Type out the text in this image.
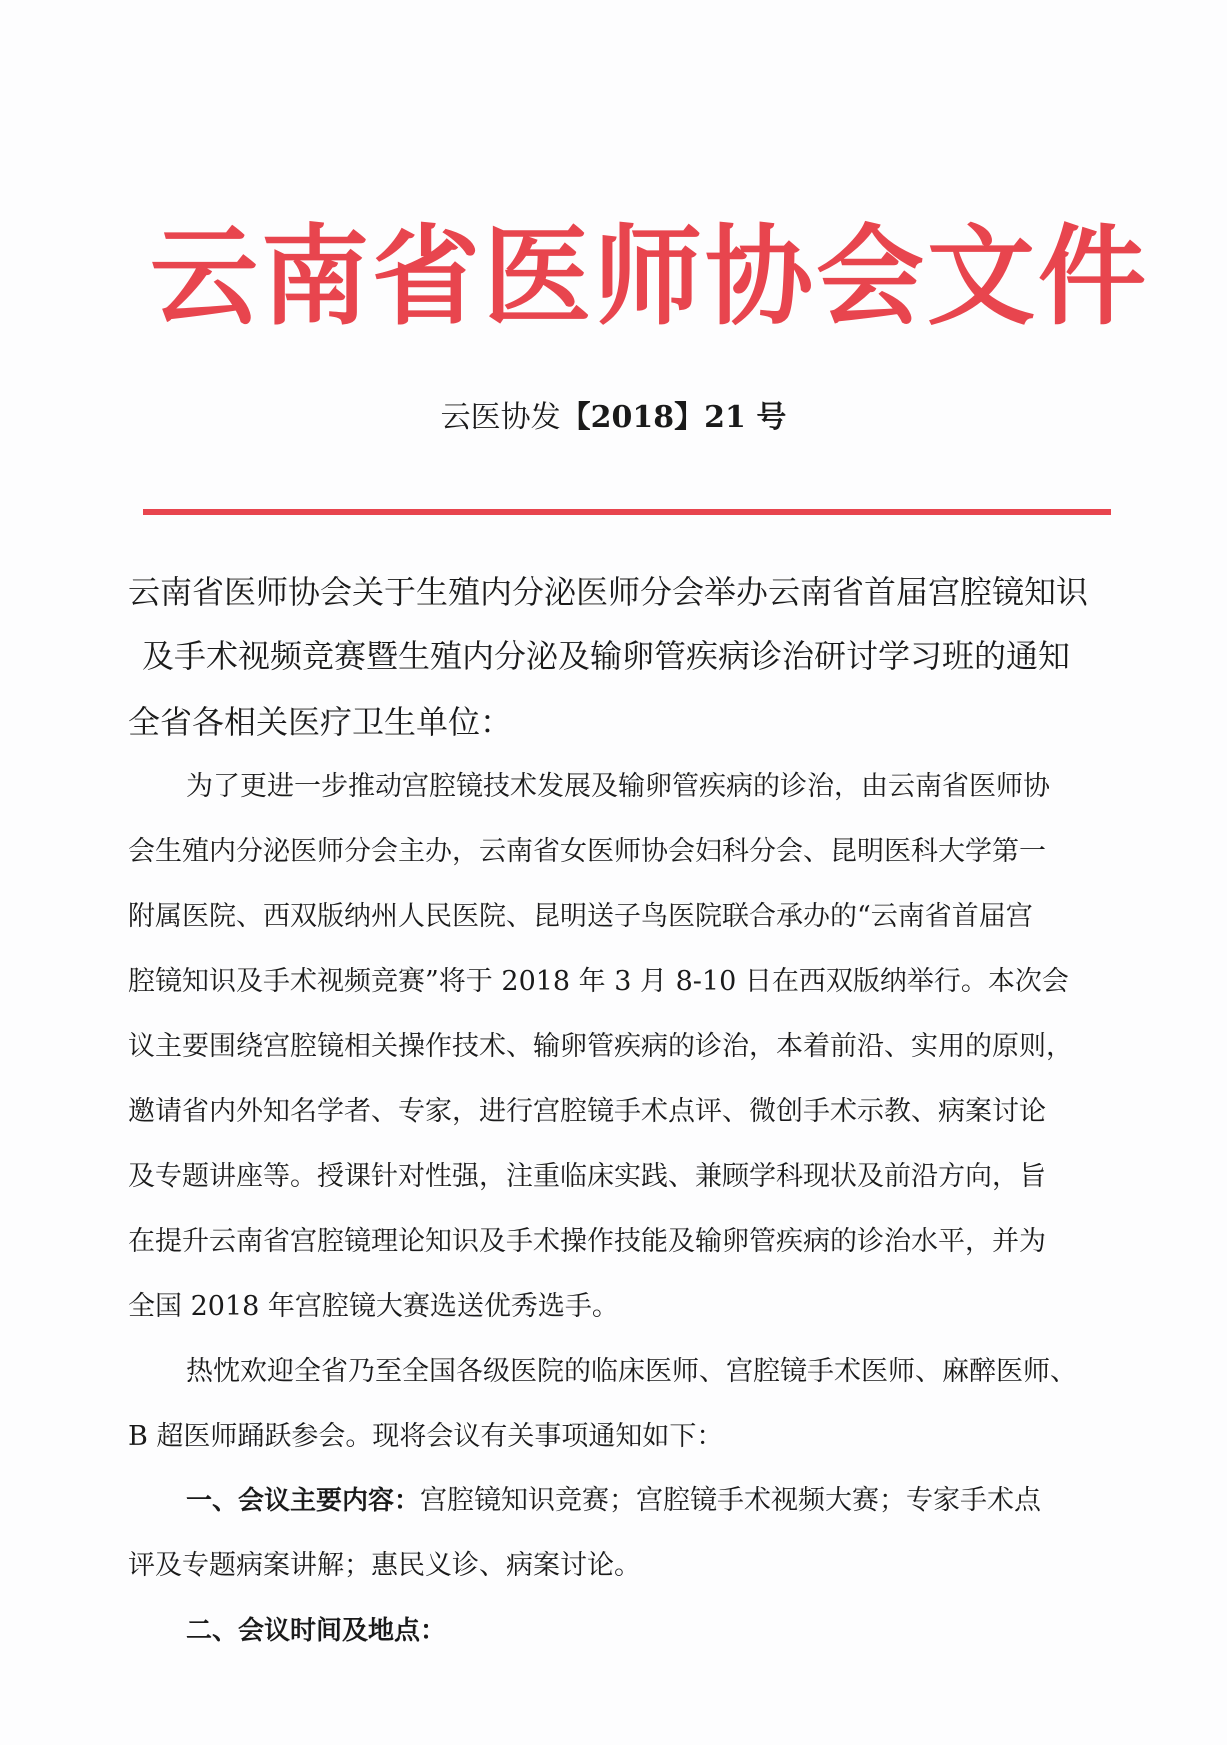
云南省医师协会文件
云医协发【2018】21 号
云南省医师协会关于生殖内分泌医师分会举办云南省首届宫腔镜知识
及手术视频竞赛暨生殖内分泌及输卵管疾病诊治研讨学习班的通知
全省各相关医疗卫生单位：
为了更进一步推动宫腔镜技术发展及输卵管疾病的诊治，由云南省医师协
会生殖内分泌医师分会主办，云南省女医师协会妇科分会、昆明医科大学第一
附属医院、西双版纳州人民医院、昆明送子鸟医院联合承办的“云南省首届宫
腔镜知识及手术视频竞赛”将于 2018 年 3 月 8-10 日在西双版纳举行。本次会
议主要围绕宫腔镜相关操作技术、输卵管疾病的诊治，本着前沿、实用的原则，
邀请省内外知名学者、专家，进行宫腔镜手术点评、微创手术示教、病案讨论
及专题讲座等。授课针对性强，注重临床实践、兼顾学科现状及前沿方向，旨
在提升云南省宫腔镜理论知识及手术操作技能及输卵管疾病的诊治水平，并为
全国 2018 年宫腔镜大赛选送优秀选手。
热忱欢迎全省乃至全国各级医院的临床医师、宫腔镜手术医师、麻醉医师、
B 超医师踊跃参会。现将会议有关事项通知如下：
一、会议主要内容：宫腔镜知识竞赛；宫腔镜手术视频大赛；专家手术点
评及专题病案讲解；惠民义诊、病案讨论。
二、会议时间及地点：
